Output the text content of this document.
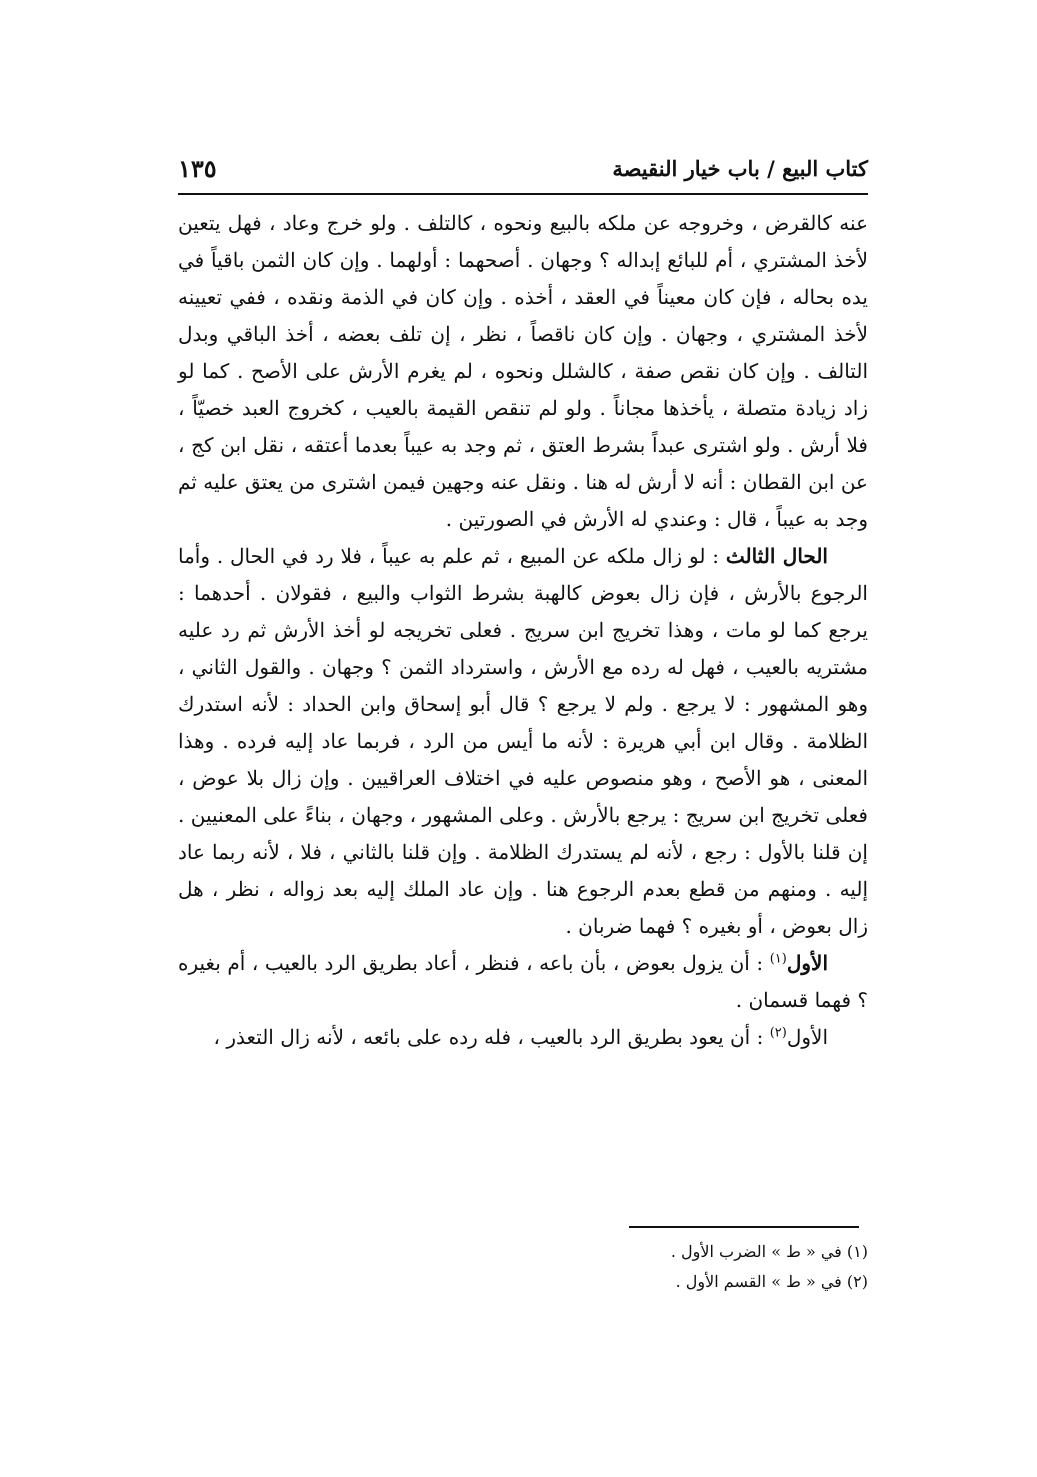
كتاب البيع / باب خيار النقيصة
١٣٥

عنه كالقرض ، وخروجه عن ملكه بالبيع ونحوه ، كالتلف . ولو خرج وعاد ، فهل يتعين لأخذ المشتري ، أم للبائع إبداله ؟ وجهان . أصحهما : أولهما . وإن كان الثمن باقياً في يده بحاله ، فإن كان معيناً في العقد ، أخذه . وإن كان في الذمة ونقده ، ففي تعيينه لأخذ المشتري ، وجهان . وإن كان ناقصاً ، نظر ، إن تلف بعضه ، أخذ الباقي وبدل التالف . وإن كان نقص صفة ، كالشلل ونحوه ، لم يغرم الأرش على الأصح . كما لو زاد زيادة متصلة ، يأخذها مجاناً . ولو لم تنقص القيمة بالعيب ، كخروج العبد خصيّاً ، فلا أرش . ولو اشترى عبداً بشرط العتق ، ثم وجد به عيباً بعدما أعتقه ، نقل ابن كج ، عن ابن القطان : أنه لا أرش له هنا . ونقل عنه وجهين فيمن اشترى من يعتق عليه ثم وجد به عيباً ، قال : وعندي له الأرش في الصورتين .

الحال الثالث : لو زال ملكه عن المبيع ، ثم علم به عيباً ، فلا رد في الحال . وأما الرجوع بالأرش ، فإن زال بعوض كالهبة بشرط الثواب والبيع ، فقولان . أحدهما : يرجع كما لو مات ، وهذا تخريج ابن سريج . فعلى تخريجه لو أخذ الأرش ثم رد عليه مشتريه بالعيب ، فهل له رده مع الأرش ، واسترداد الثمن ؟ وجهان . والقول الثاني ، وهو المشهور : لا يرجع . ولم لا يرجع ؟ قال أبو إسحاق وابن الحداد : لأنه استدرك الظلامة . وقال ابن أبي هريرة : لأنه ما أيس من الرد ، فربما عاد إليه فرده . وهذا المعنى ، هو الأصح ، وهو منصوص عليه في اختلاف العراقيين . وإن زال بلا عوض ، فعلى تخريج ابن سريج : يرجع بالأرش . وعلى المشهور ، وجهان ، بناءً على المعنيين . إن قلنا بالأول : رجع ، لأنه لم يستدرك الظلامة . وإن قلنا بالثاني ، فلا ، لأنه ربما عاد إليه . ومنهم من قطع بعدم الرجوع هنا . وإن عاد الملك إليه بعد زواله ، نظر ، هل زال بعوض ، أو بغيره ؟ فهما ضربان .

الأول$^{(١)}$ : أن يزول بعوض ، بأن باعه ، فنظر ، أعاد بطريق الرد بالعيب ، أم بغيره ؟ فهما قسمان .

الأول$^{(٢)}$ : أن يعود بطريق الرد بالعيب ، فله رده على بائعه ، لأنه زال التعذر ،

(١) في « ط » الضرب الأول .

(٢) في « ط » القسم الأول .
